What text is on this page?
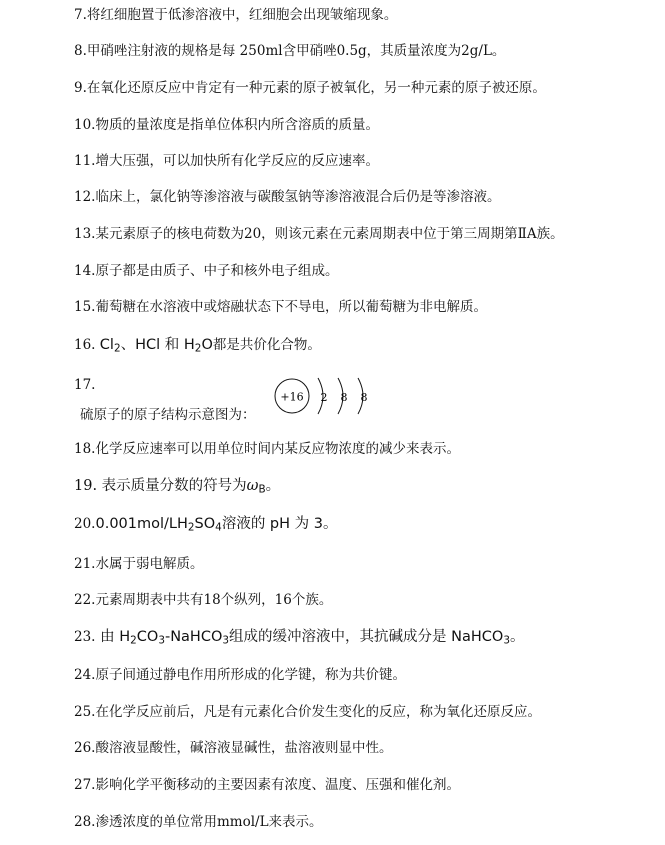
7.将红细胞置于低渗溶液中，红细胞会出现皱缩现象。
8.甲硝唑注射液的规格是每 250ml含甲硝唑0.5g，其质量浓度为2g/L。
9.在氧化还原反应中肯定有一种元素的原子被氧化，另一种元素的原子被还原。
10.物质的量浓度是指单位体积内所含溶质的质量。
11.增大压强，可以加快所有化学反应的反应速率。
12.临床上，氯化钠等渗溶液与碳酸氢钠等渗溶液混合后仍是等渗溶液。
13.某元素原子的核电荷数为20，则该元素在元素周期表中位于第三周期第ⅡA族。
14.原子都是由质子、中子和核外电子组成。
15.葡萄糖在水溶液中或熔融状态下不导电，所以葡萄糖为非电解质。
16. $Cl_2$、HCl 和 $H_2O$都是共价化合物。
17.
硫原子的原子结构示意图为：
+16 2 8 8
18.化学反应速率可以用单位时间内某反应物浓度的减少来表示。
19. 表示质量分数的符号为$\omega_B$。
$20.0.001mol/LH_2SO_4$溶液的 pH 为 3。
21.水属于弱电解质。
22.元素周期表中共有18个纵列，16个族。
23. 由 $H_2CO_3-NaHCO_3$组成的缓冲溶液中，其抗碱成分是 NaHCO$_3$。
24.原子间通过静电作用所形成的化学键，称为共价键。
25.在化学反应前后，凡是有元素化合价发生变化的反应，称为氧化还原反应。
26.酸溶液显酸性，碱溶液显碱性，盐溶液则显中性。
27.影响化学平衡移动的主要因素有浓度、温度、压强和催化剂。
28.渗透浓度的单位常用mmol/L来表示。
